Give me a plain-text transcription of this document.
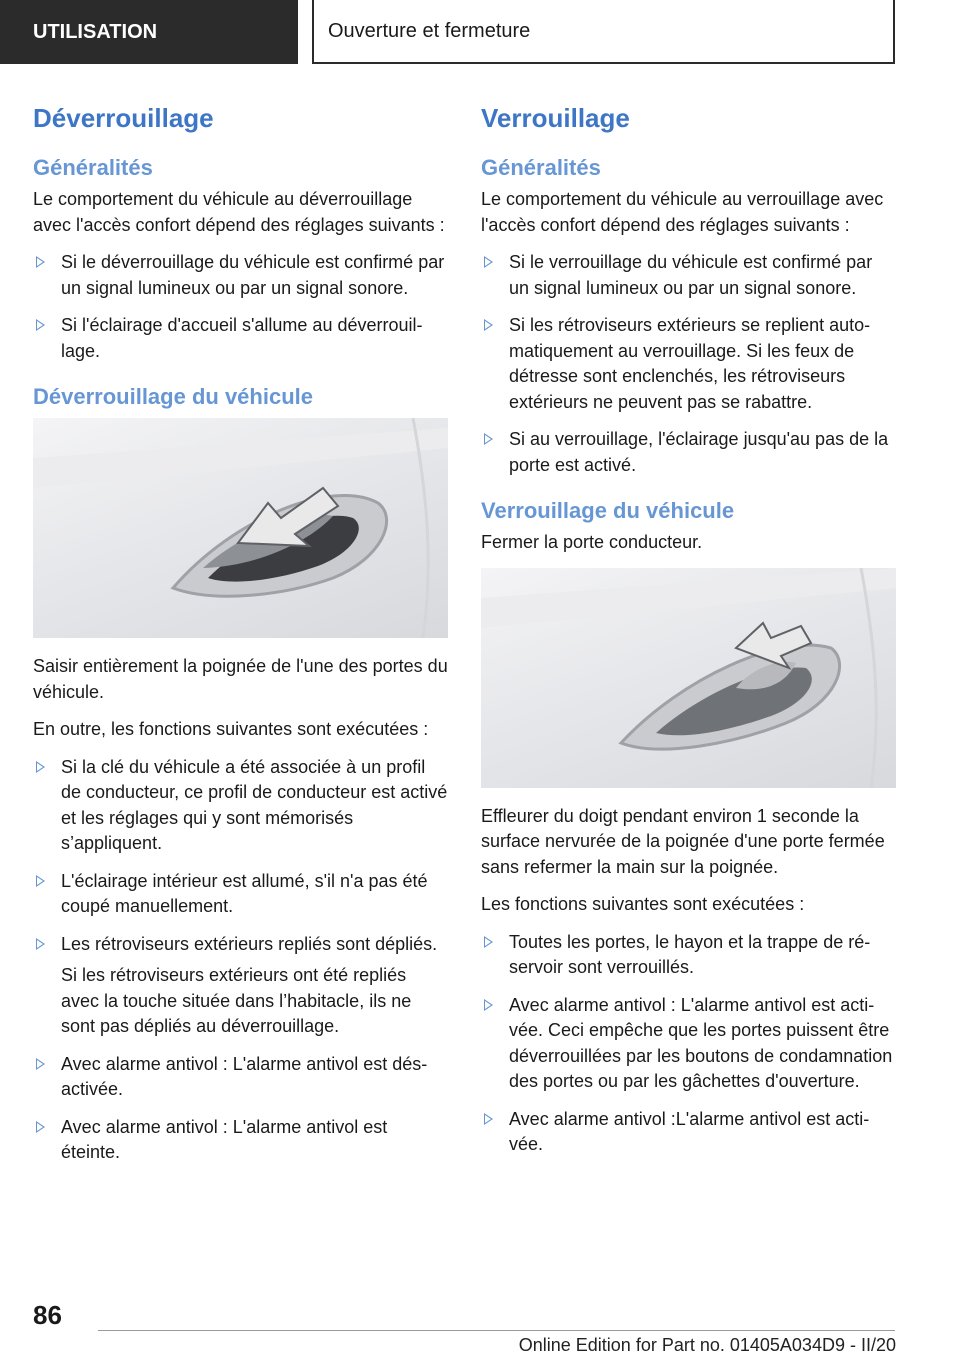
UTILISATION	Ouverture et fermeture
Déverrouillage
Généralités

Le comportement du véhicule au déverrouillage avec l'accès confort dépend des réglages suivants :

Si le déverrouillage du véhicule est confirmé par un signal lumineux ou par un signal sonore.
Si l'éclairage d'accueil s'allume au déverrouillage.
Déverrouillage du véhicule

Saisir entièrement la poignée de l'une des portes du véhicule.

En outre, les fonctions suivantes sont exécutées :

Si la clé du véhicule a été associée à un profil de conducteur, ce profil de conducteur est activé et les réglages qui y sont mémorisés s’appliquent.
L'éclairage intérieur est allumé, s'il n'a pas été coupé manuellement.
Les rétroviseurs extérieurs repliés sont dépliés.
Si les rétroviseurs extérieurs ont été repliés avec la touche située dans l’habitacle, ils ne sont pas dépliés au déverrouillage.
Avec alarme antivol : L'alarme antivol est désactivée.
Avec alarme antivol : L'alarme antivol est éteinte.
Verrouillage
Généralités

Le comportement du véhicule au verrouillage avec l'accès confort dépend des réglages suivants :

Si le verrouillage du véhicule est confirmé par un signal lumineux ou par un signal sonore.
Si les rétroviseurs extérieurs se replient automatiquement au verrouillage. Si les feux de détresse sont enclenchés, les rétroviseurs extérieurs ne peuvent pas se rabattre.
Si au verrouillage, l'éclairage jusqu'au pas de la porte est activé.
Verrouillage du véhicule

Fermer la porte conducteur.

Effleurer du doigt pendant environ 1 seconde la surface nervurée de la poignée d'une porte fermée sans refermer la main sur la poignée.

Les fonctions suivantes sont exécutées :

Toutes les portes, le hayon et la trappe de réservoir sont verrouillés.
Avec alarme antivol : L'alarme antivol est activée. Ceci empêche que les portes puissent être déverrouillées par les boutons de condamnation des portes ou par les gâchettes d'ouverture.
Avec alarme antivol :L'alarme antivol est activée.
86
Online Edition for Part no. 01405A034D9 - II/20
